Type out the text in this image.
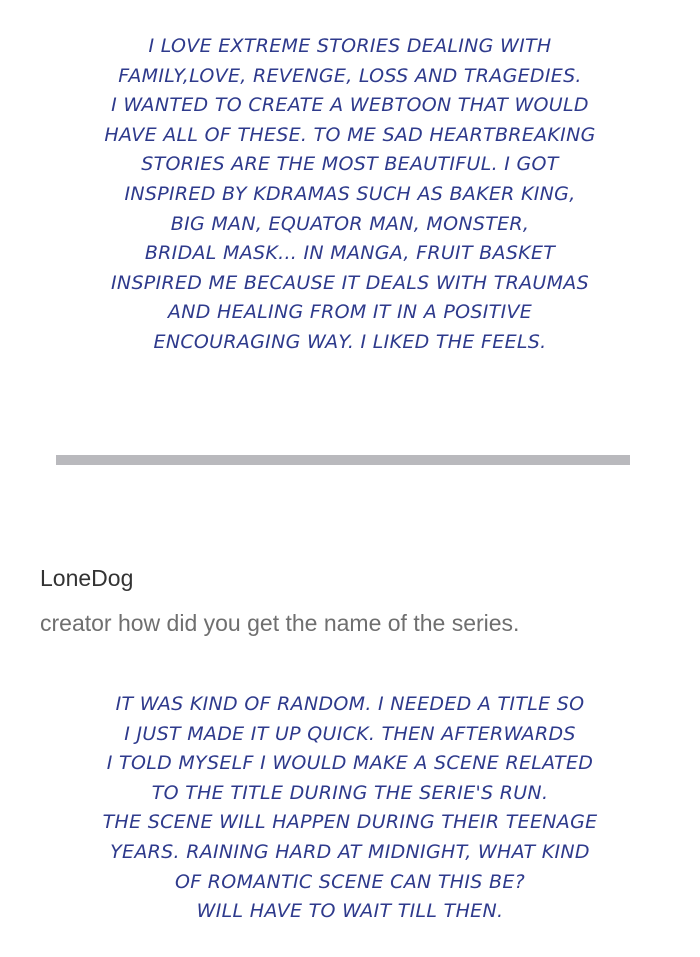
I LOVE EXTREME STORIES DEALING WITH
FAMILY,LOVE, REVENGE, LOSS AND TRAGEDIES.
I WANTED TO CREATE A WEBTOON THAT WOULD
HAVE ALL OF THESE. TO ME SAD HEARTBREAKING
STORIES ARE THE MOST BEAUTIFUL. I GOT
INSPIRED BY KDRAMAS SUCH AS BAKER KING,
BIG MAN, EQUATOR MAN, MONSTER,
BRIDAL MASK... IN MANGA, FRUIT BASKET
INSPIRED ME BECAUSE IT DEALS WITH TRAUMAS
AND HEALING FROM IT IN A POSITIVE
ENCOURAGING WAY. I LIKED THE FEELS.
LoneDog
creator how did you get the name of the series.
IT WAS KIND OF RANDOM. I NEEDED A TITLE SO
I JUST MADE IT UP QUICK. THEN AFTERWARDS
I TOLD MYSELF I WOULD MAKE A SCENE RELATED
TO THE TITLE DURING THE SERIE'S RUN.
THE SCENE WILL HAPPEN DURING THEIR TEENAGE
YEARS. RAINING HARD AT MIDNIGHT, WHAT KIND
OF ROMANTIC SCENE CAN THIS BE?
WILL HAVE TO WAIT TILL THEN.
